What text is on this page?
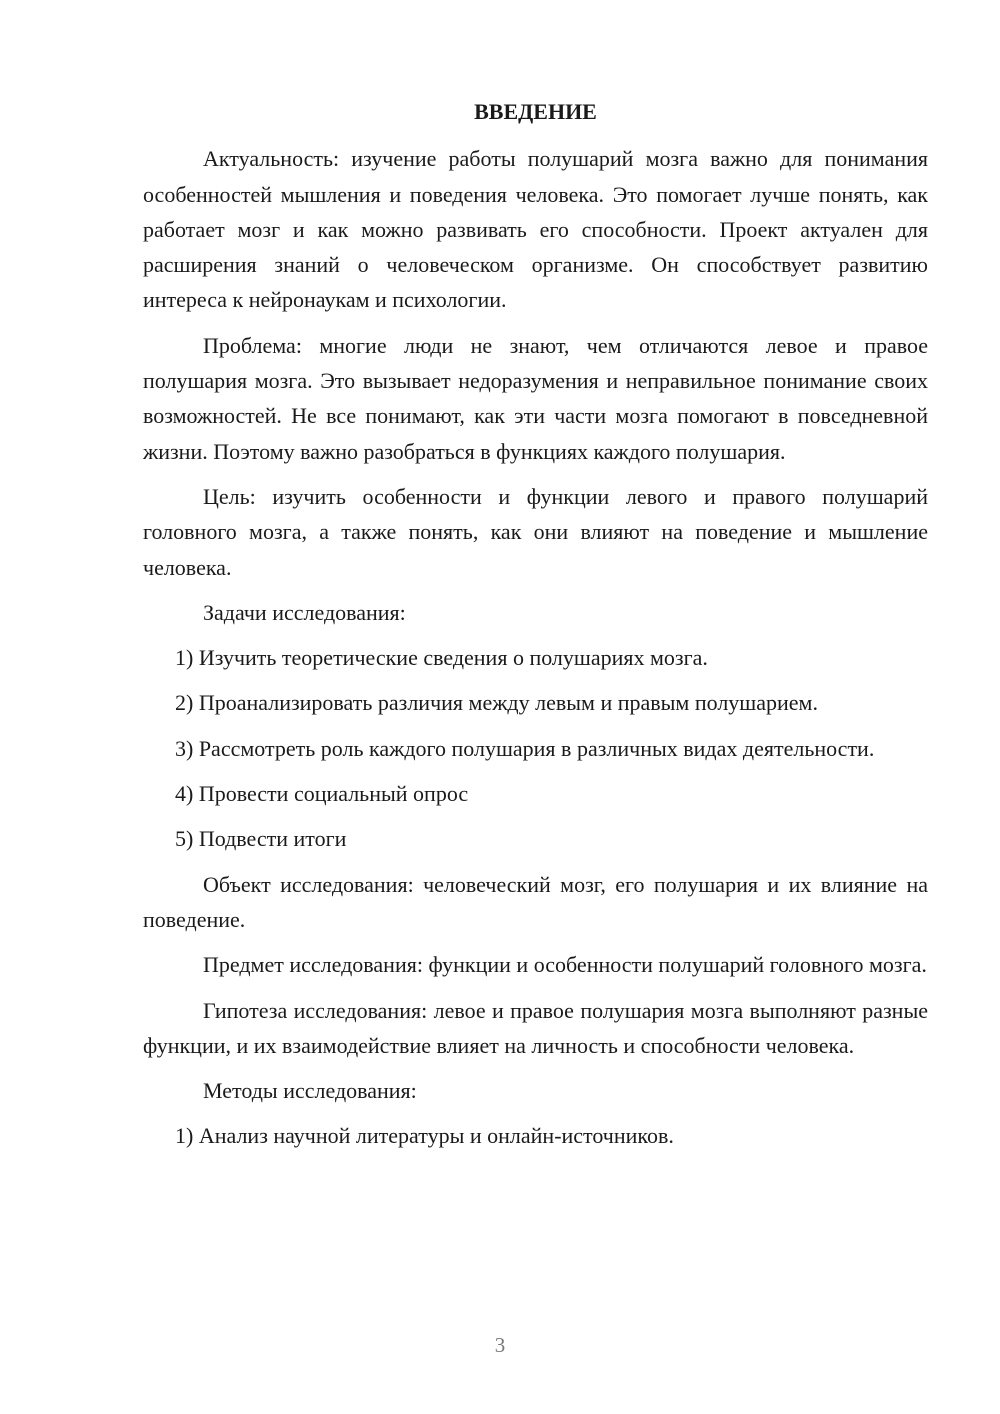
ВВЕДЕНИЕ

Актуальность: изучение работы полушарий мозга важно для понимания особенностей мышления и поведения человека. Это помогает лучше понять, как работает мозг и как можно развивать его способности. Проект актуален для расширения знаний о человеческом организме. Он способствует развитию интереса к нейронаукам и психологии.

Проблема: многие люди не знают, чем отличаются левое и правое полушария мозга. Это вызывает недоразумения и неправильное понимание своих возможностей. Не все понимают, как эти части мозга помогают в повседневной жизни. Поэтому важно разобраться в функциях каждого полушария.

Цель: изучить особенности и функции левого и правого полушарий головного мозга, а также понять, как они влияют на поведение и мышление человека.

Задачи исследования:

1) Изучить теоретические сведения о полушариях мозга.

2) Проанализировать различия между левым и правым полушарием.

3) Рассмотреть роль каждого полушария в различных видах деятельности.

4) Провести социальный опрос

5) Подвести итоги

Объект исследования: человеческий мозг, его полушария и их влияние на поведение.

Предмет исследования: функции и особенности полушарий головного мозга.

Гипотеза исследования: левое и правое полушария мозга выполняют разные функции, и их взаимодействие влияет на личность и способности человека.

Методы исследования:

1) Анализ научной литературы и онлайн-источников.

3
